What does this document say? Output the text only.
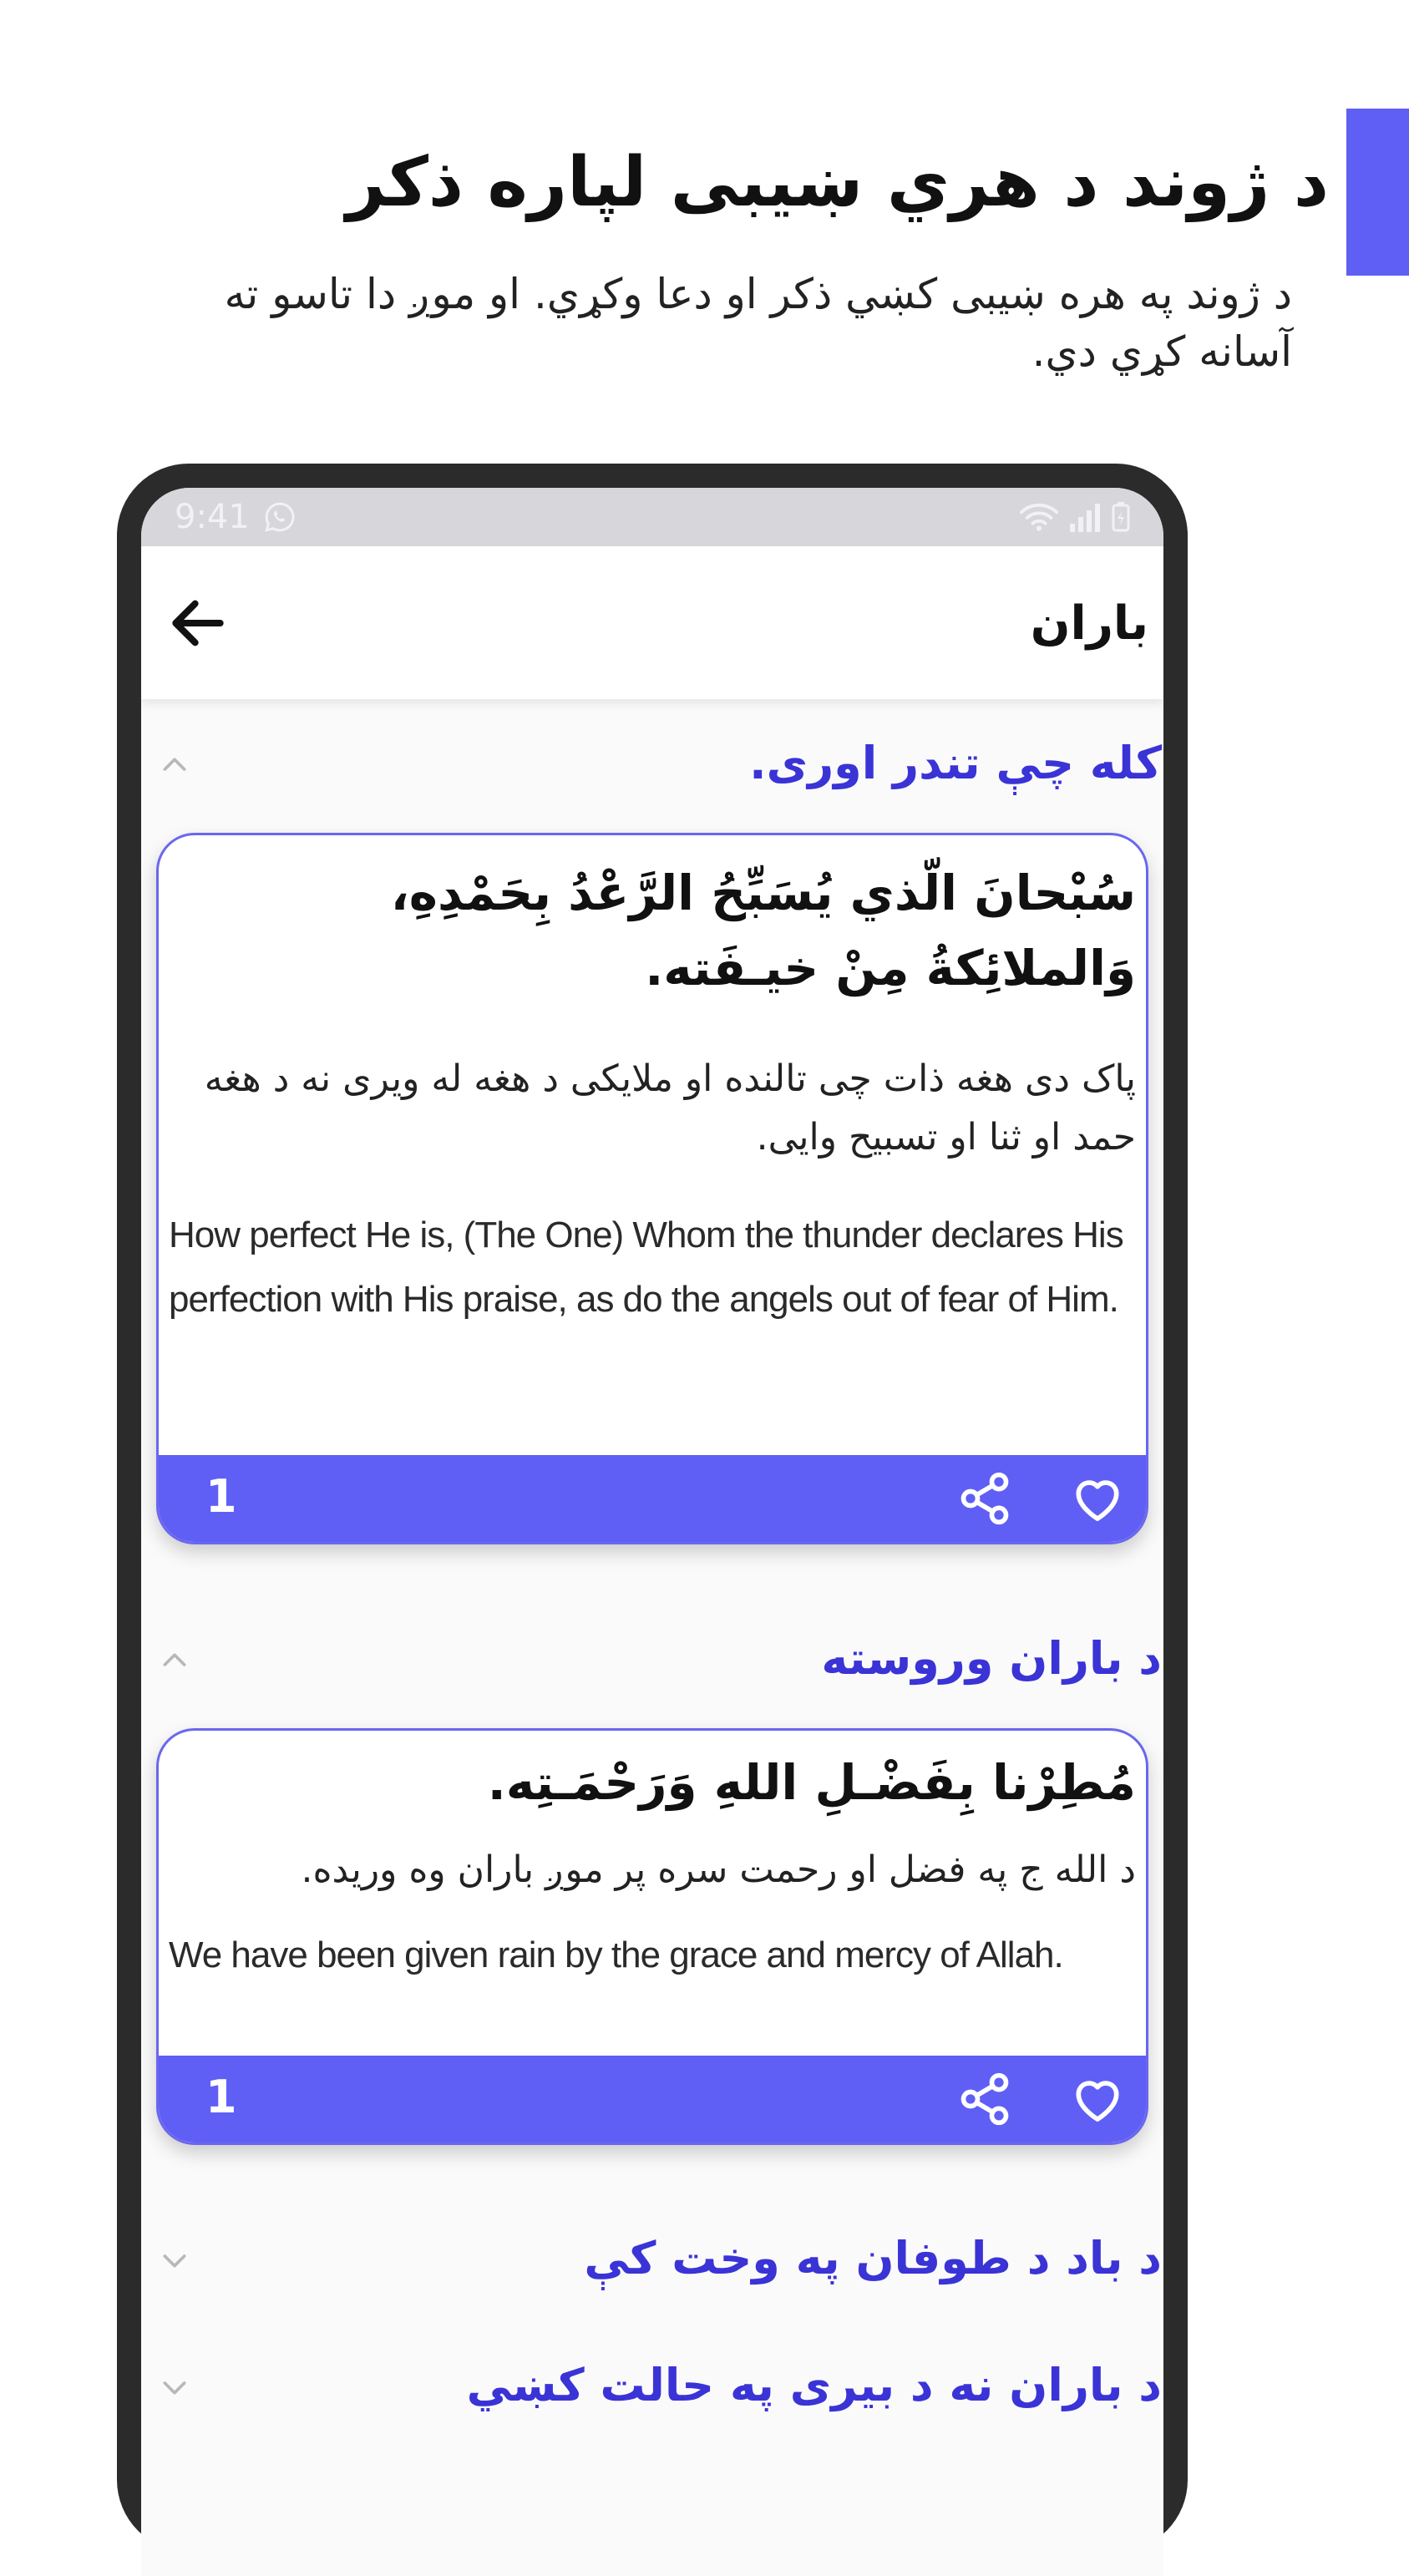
د ژوند د هري ښيبى لپاره ذکر

د ژوند په هره ښيبى کښي ذکر او دعا وکړي. او موږ دا تاسو ته آسانه کړي دي.

9:41
باران
کله چې تندر اورى.

سُبْحانَ الّذي يُسَبِّحُ الرَّعْدُ بِحَمْدِهِ، وَالملائِكةُ مِنْ خيـفَته.

پاک دی هغه ذات چی تالنده او ملایکی د هغه له ویری نه د هغه حمد او ثنا او تسبیح وایی.

How perfect He is, (The One) Whom the thunder declares His perfection with His praise, as do the angels out of fear of Him.

1
د باران وروسته

مُطِرْنا بِفَضْـلِ اللهِ وَرَحْمَـتِه.

د الله ج په فضل او رحمت سره پر موږ باران وه وریده.

We have been given rain by the grace and mercy of Allah.

1
د باد د طوفان په وخت کې
د باران نه د بیری په حالت کښي
